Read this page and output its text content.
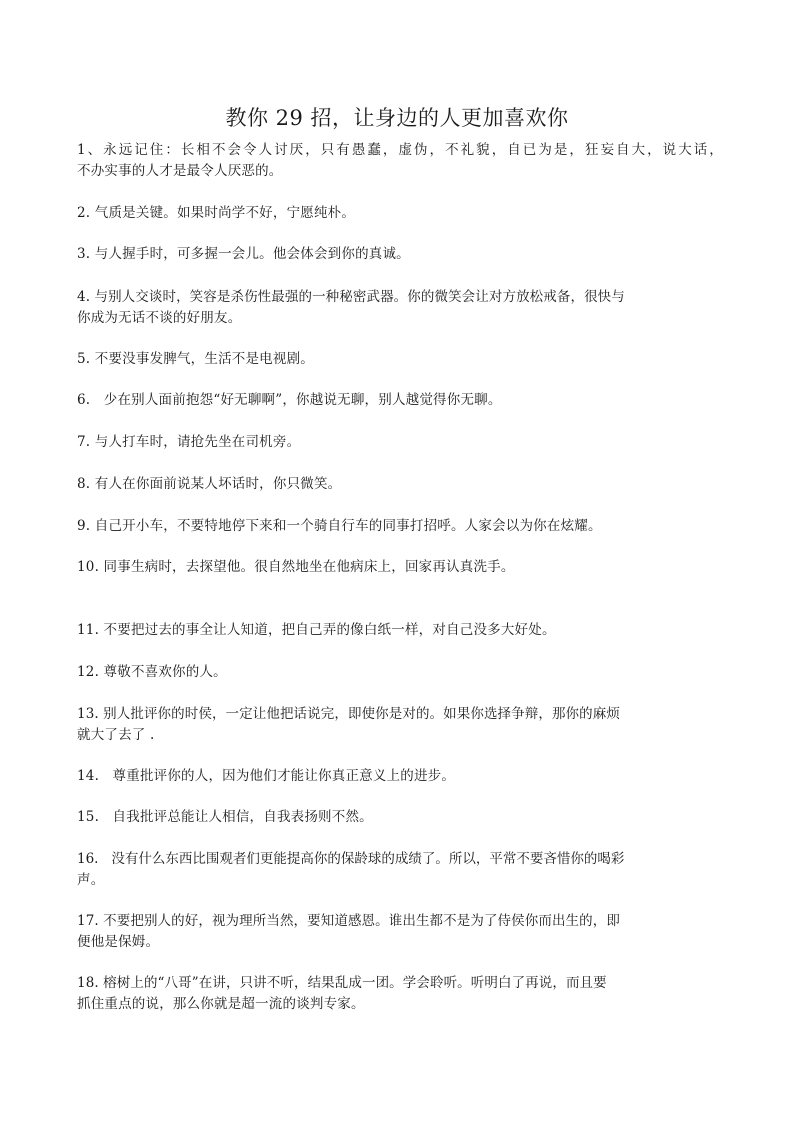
教你 29 招，让身边的人更加喜欢你
1、永远记住：长相不会令人讨厌，只有愚蠢，虚伪，不礼貌，自已为是，狂妄自大，说大话，
不办实事的人才是最令人厌恶的。
2. 气质是关键。如果时尚学不好，宁愿纯朴。
3. 与人握手时，可多握一会儿。他会体会到你的真诚。
4. 与别人交谈时，笑容是杀伤性最强的一种秘密武器。你的微笑会让对方放松戒备，很快与
你成为无话不谈的好朋友。
5. 不要没事发脾气，生活不是电视剧。
6.   少在别人面前抱怨“好无聊啊”，你越说无聊，别人越觉得你无聊。
7. 与人打车时，请抢先坐在司机旁。
8. 有人在你面前说某人坏话时，你只微笑。
9. 自己开小车，不要特地停下来和一个骑自行车的同事打招呼。人家会以为你在炫耀。
10. 同事生病时，去探望他。很自然地坐在他病床上，回家再认真洗手。
11. 不要把过去的事全让人知道，把自己弄的像白纸一样，对自己没多大好处。
12. 尊敬不喜欢你的人。
13. 别人批评你的时侯，一定让他把话说完，即使你是对的。如果你选择争辩，那你的麻烦
就大了去了 .
14.   尊重批评你的人，因为他们才能让你真正意义上的进步。
15.   自我批评总能让人相信，自我表扬则不然。
16.   没有什么东西比围观者们更能提高你的保龄球的成绩了。所以，平常不要吝惜你的喝彩
声。
17. 不要把别人的好，视为理所当然，要知道感恩。谁出生都不是为了侍侯你而出生的，即
便他是保姆。
18. 榕树上的“八哥”在讲，只讲不听，结果乱成一团。学会聆听。听明白了再说，而且要
抓住重点的说，那么你就是超一流的谈判专家。
